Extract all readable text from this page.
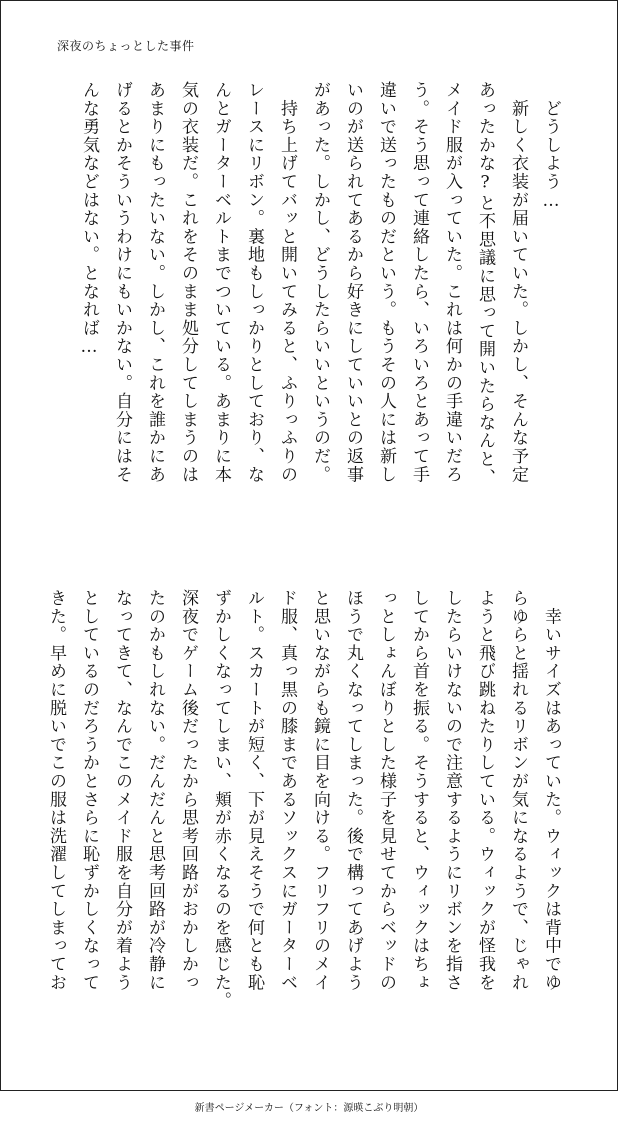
深夜のちょっとした事件
　どうしよう…
　新しく衣装が届いていた。しかし、そんな予定
あったかな?と不思議に思って開いたらなんと、
メイド服が入っていた。これは何かの手違いだろ
う。そう思って連絡したら、いろいろとあって手
違いで送ったものだという。もうその人には新し
いのが送られてあるから好きにしていいとの返事
があった。しかし、どうしたらいいというのだ。
　持ち上げてバッと開いてみると、ふりっふりの
レースにリボン。裏地もしっかりとしており、な
んとガーターベルトまでついている。あまりに本
気の衣装だ。これをそのまま処分してしまうのは
あまりにもったいない。しかし、これを誰かにあ
げるとかそういうわけにもいかない。自分にはそ
んな勇気などはない。となれば…
　幸いサイズはあっていた。ウィックは背中でゆ
らゆらと揺れるリボンが気になるようで、じゃれ
ようと飛び跳ねたりしている。ウィックが怪我を
したらいけないので注意するようにリボンを指さ
してから首を振る。そうすると、ウィックはちょ
っとしょんぼりとした様子を見せてからベッドの
ほうで丸くなってしまった。後で構ってあげよう
と思いながらも鏡に目を向ける。フリフリのメイ
ド服、真っ黒の膝まであるソックスにガーターベ
ルト。スカートが短く、下が見えそうで何とも恥
ずかしくなってしまい、頬が赤くなるのを感じた。
深夜でゲーム後だったから思考回路がおかしかっ
たのかもしれない。だんだんと思考回路が冷静に
なってきて、なんでこのメイド服を自分が着よう
としているのだろうかとさらに恥ずかしくなって
きた。早めに脱いでこの服は洗濯してしまってお
新書ページメーカー（フォント：源暎こぶり明朝）
